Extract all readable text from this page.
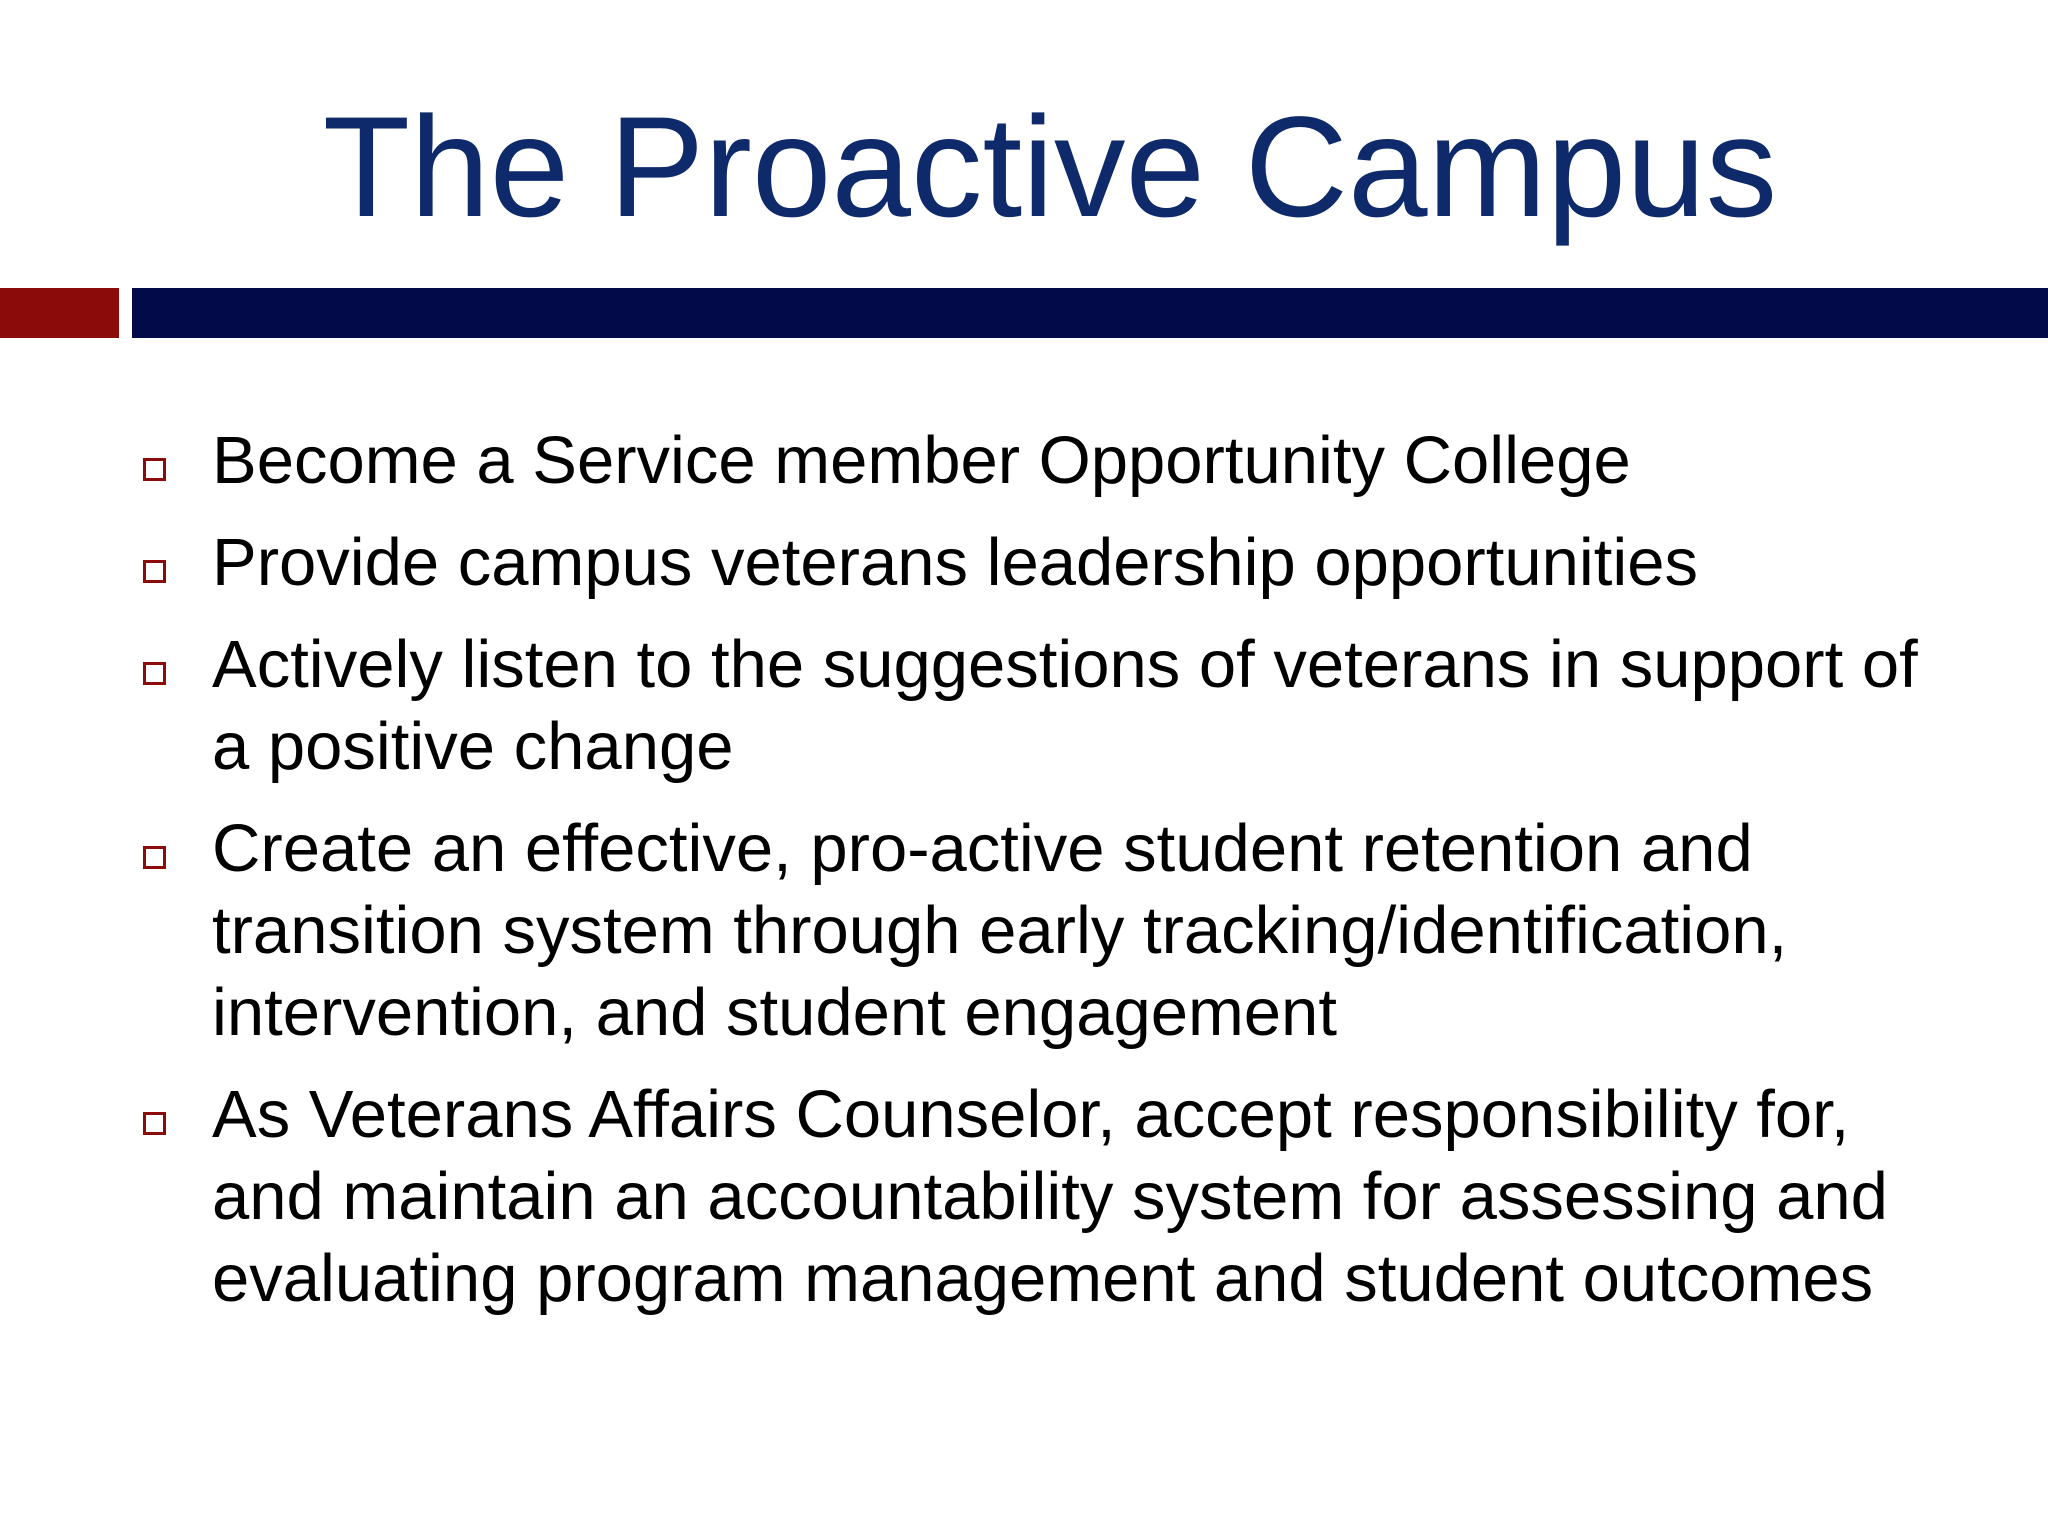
The Proactive Campus
Become a Service member Opportunity College
Provide campus veterans leadership opportunities
Actively listen to the suggestions of veterans in support of a positive change
Create an effective, pro-active student retention and transition system through early tracking/identification, intervention, and student engagement
As Veterans Affairs Counselor, accept responsibility for, and maintain an accountability system for assessing and evaluating program management and student outcomes
